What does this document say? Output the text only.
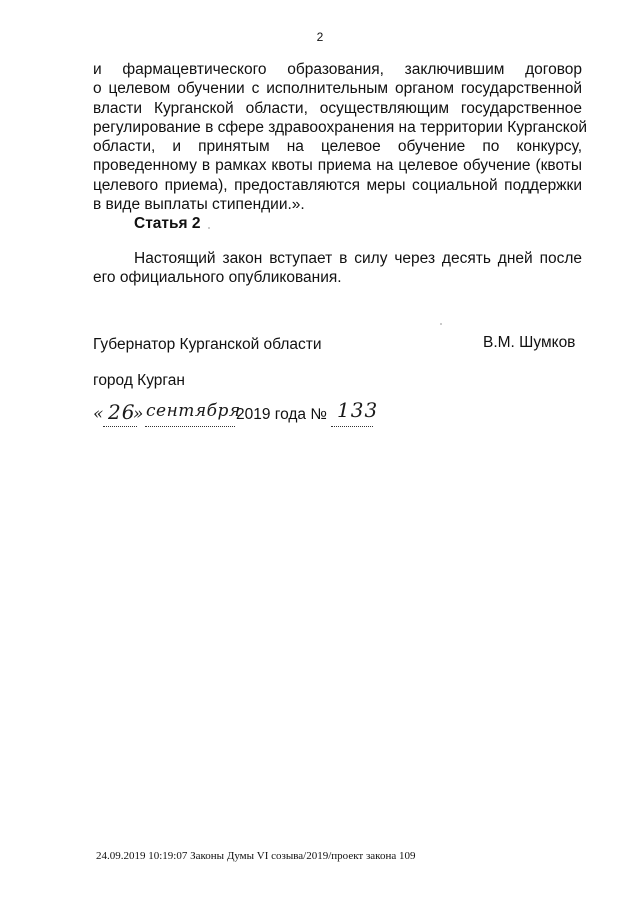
2

и фармацевтического образования, заключившим договор
о целевом обучении с исполнительным органом государственной
власти Курганской области, осуществляющим государственное
регулирование в сфере здравоохранения на территории Курганской
области, и принятым на целевое обучение по конкурсу,
проведенному в рамках квоты приема на целевое обучение (квоты
целевого приема), предоставляются меры социальной поддержки
в виде выплаты стипендии.».

Статья 2

Настоящий закон вступает в силу через десять дней после
его официального опубликования.

Губернатор Курганской области	В.М. Шумков
город Курган
« 26
» сентября
2019 года № 133
24.09.2019 10:19:07 Законы Думы VI созыва/2019/проект закона 109
